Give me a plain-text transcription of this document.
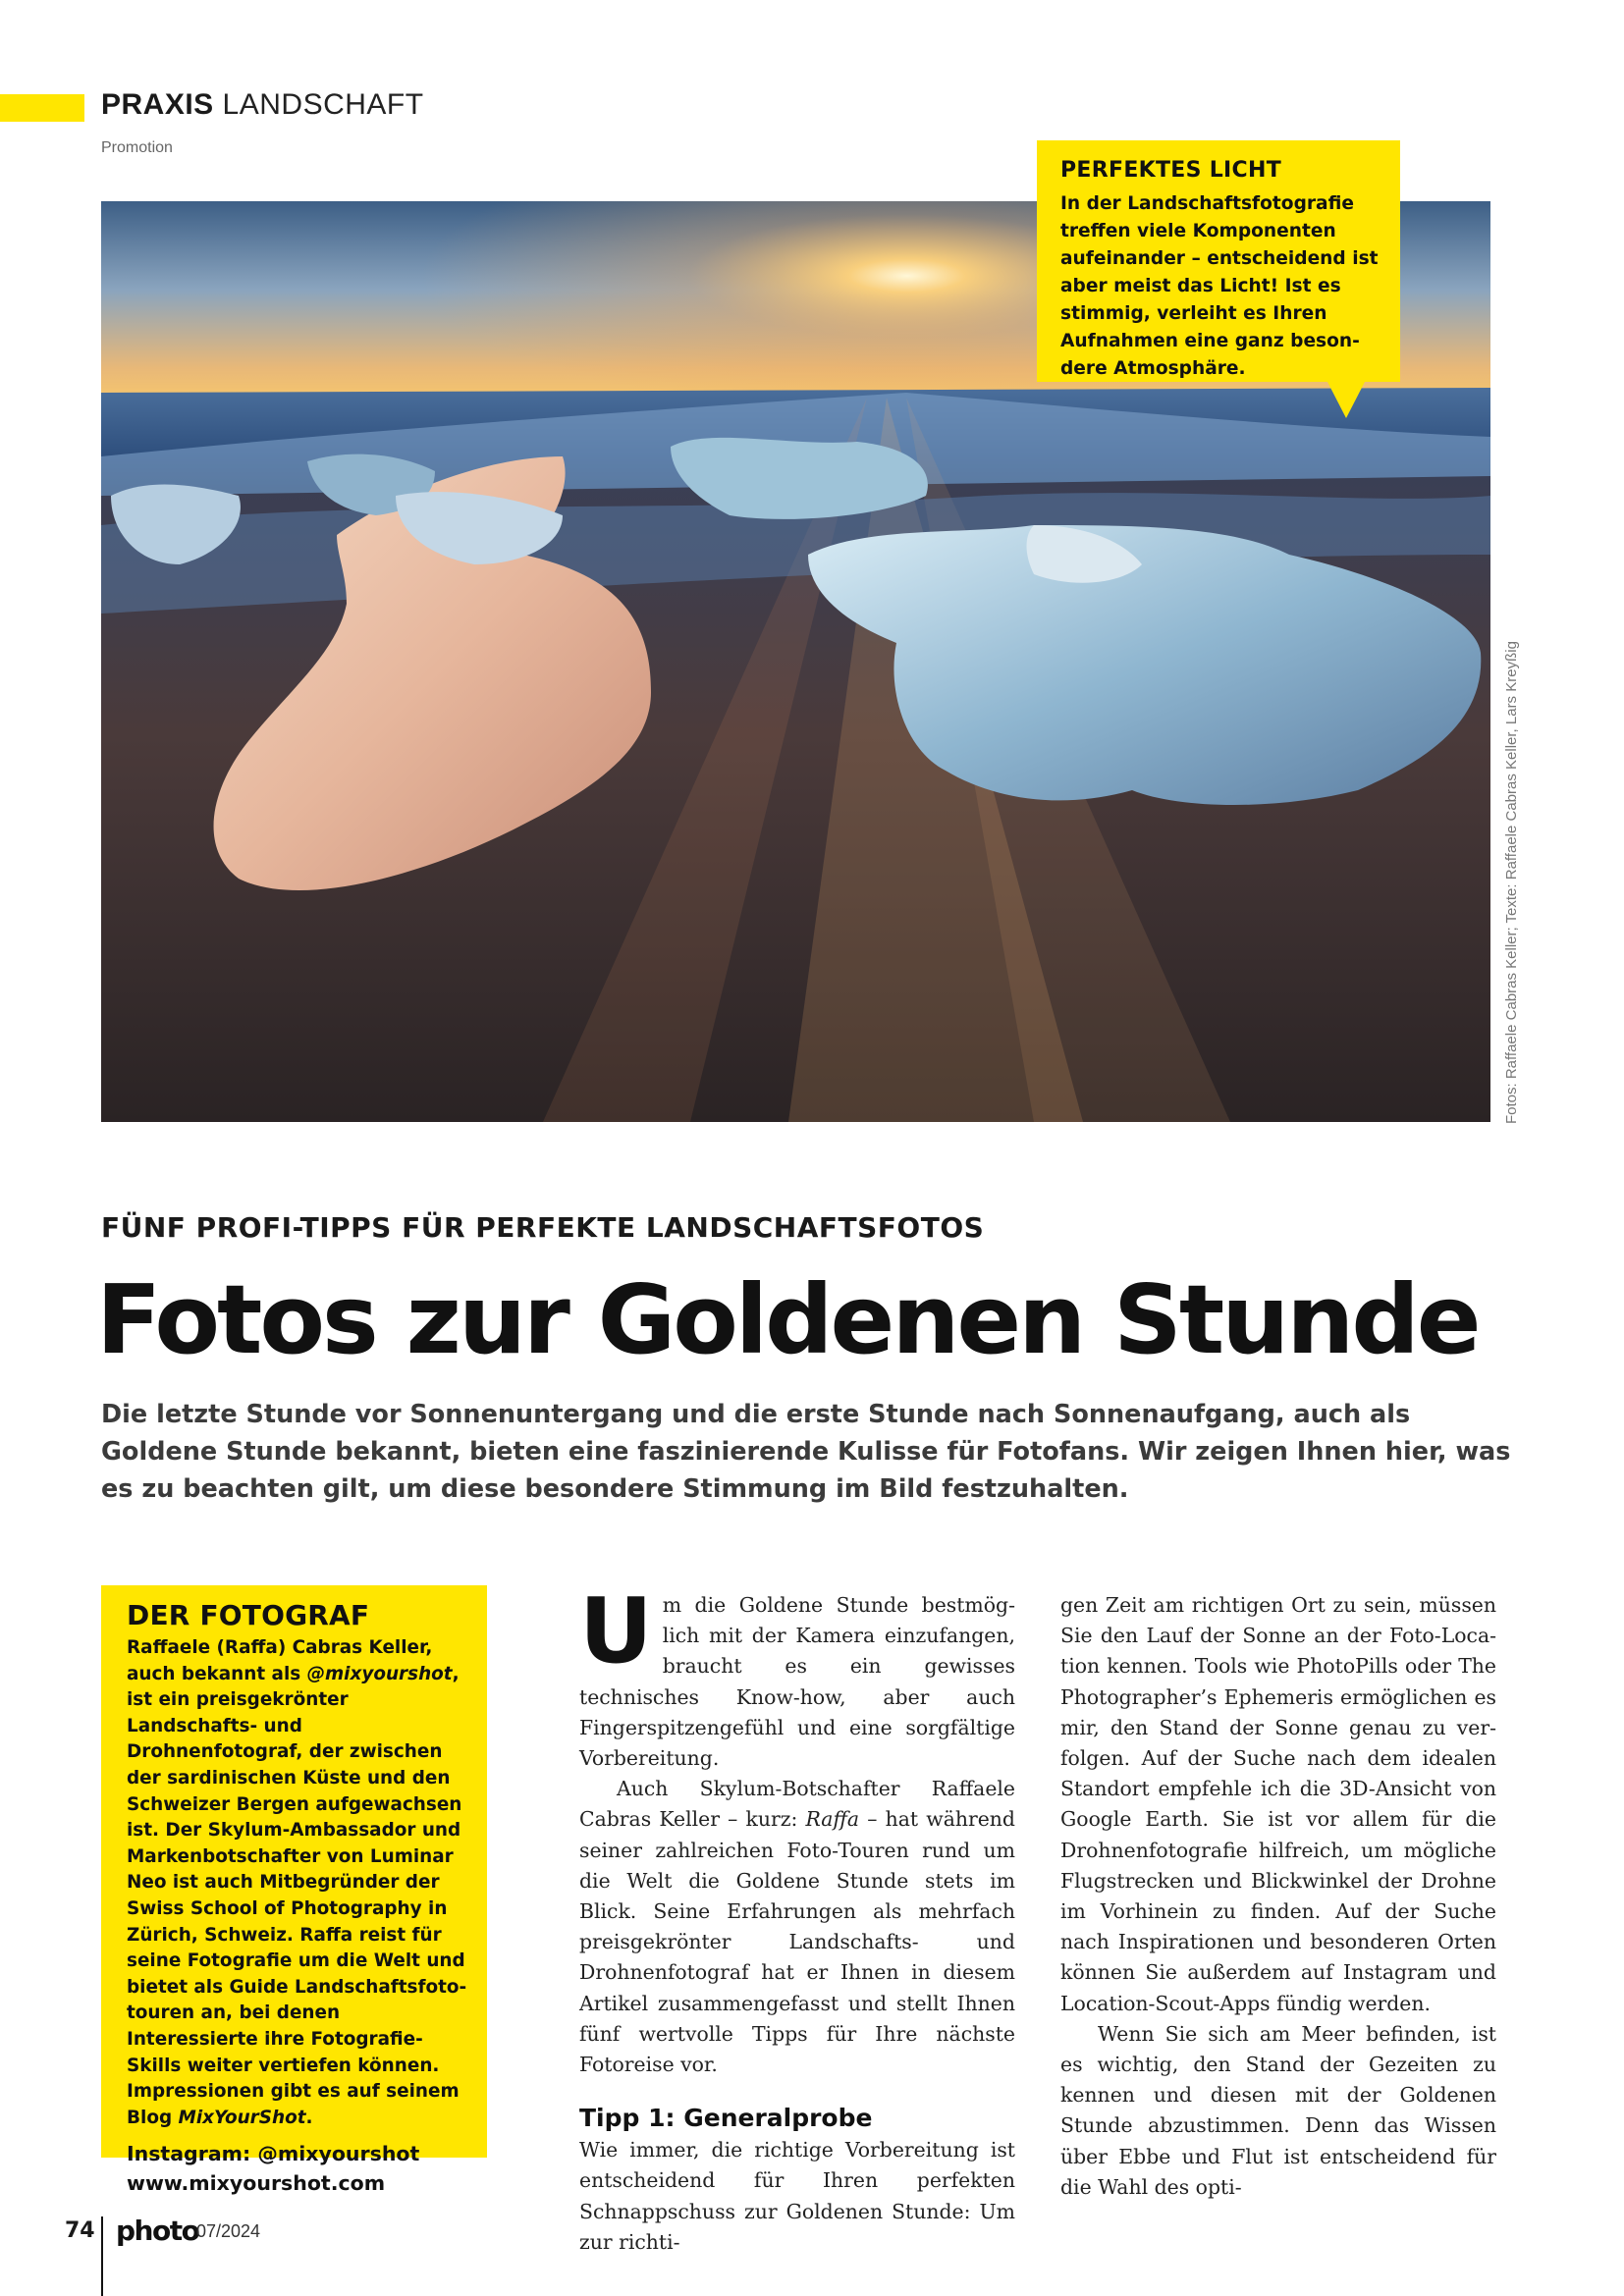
PRAXIS LANDSCHAFT
Promotion
PERFEKTES LICHT

In der Landschaftsfotografie treffen viele Komponenten aufeinander – entscheidend ist aber meist das Licht! Ist es stimmig, verleiht es Ihren Aufnahmen eine ganz besondere Atmosphäre.

Fotos: Raffaele Cabras Keller; Texte: Raffaele Cabras Keller, Lars Kreyßig
FÜNF PROFI-TIPPS FÜR PERFEKTE LANDSCHAFTSFOTOS
Fotos zur Goldenen Stunde
Die letzte Stunde vor Sonnenuntergang und die erste Stunde nach Sonnenaufgang, auch als Goldene Stunde bekannt, bieten eine faszinierende Kulisse für Fotofans. Wir zeigen Ihnen hier, was es zu beachten gilt, um diese besondere Stimmung im Bild festzuhalten.
DER FOTOGRAF

Raffaele (Raffa) Cabras Keller, auch bekannt als @mixyourshot, ist ein preisgekrönter Landschafts- und Drohnenfotograf, der zwischen der sardinischen Küste und den Schweizer Bergen aufgewachsen ist. Der Skylum-Ambassador und Markenbotschafter von Luminar Neo ist auch Mitbegründer der Swiss School of Photography in Zürich, Schweiz. Raffa reist für seine Fotografie um die Welt und bietet als Guide Landschaftsfototouren an, bei denen Interessierte ihre Fotografie-Skills weiter vertiefen können. Impressionen gibt es auf seinem Blog MixYourShot.

Instagram: @mixyourshot
www.mixyourshot.com

Um die Goldene Stunde bestmöglich mit der Kamera einzufangen, braucht es ein gewisses technisches Know-how, aber auch Fingerspitzengefühl und eine sorgfältige Vorbereitung.

Auch Skylum-Botschafter Raffaele Cabras Keller – kurz: Raffa – hat während seiner zahlreichen Foto-Touren rund um die Welt die Goldene Stunde stets im Blick. Seine Erfahrungen als mehrfach preisgekrönter Landschafts- und Drohnenfotograf hat er Ihnen in diesem Artikel zusammengefasst und stellt Ihnen fünf wertvolle Tipps für Ihre nächste Fotoreise vor.

Tipp 1: Generalprobe

Wie immer, die richtige Vorbereitung ist entscheidend für Ihren perfekten Schnappschuss zur Goldenen Stunde: Um zur richti-

gen Zeit am richtigen Ort zu sein, müssen Sie den Lauf der Sonne an der Foto-Location kennen. Tools wie PhotoPills oder The Photographer’s Ephemeris ermöglichen es mir, den Stand der Sonne genau zu verfolgen. Auf der Suche nach dem idealen Standort empfehle ich die 3D-Ansicht von Google Earth. Sie ist vor allem für die Drohnenfotografie hilfreich, um mögliche Flugstrecken und Blickwinkel der Drohne im Vorhinein zu finden. Auf der Suche nach Inspirationen und besonderen Orten können Sie außerdem auf Instagram und Location-Scout-Apps fündig werden.

Wenn Sie sich am Meer befinden, ist es wichtig, den Stand der Gezeiten zu kennen und diesen mit der Goldenen Stunde abzustimmen. Denn das Wissen über Ebbe und Flut ist entscheidend für die Wahl des opti-

74 photo
07/2024
